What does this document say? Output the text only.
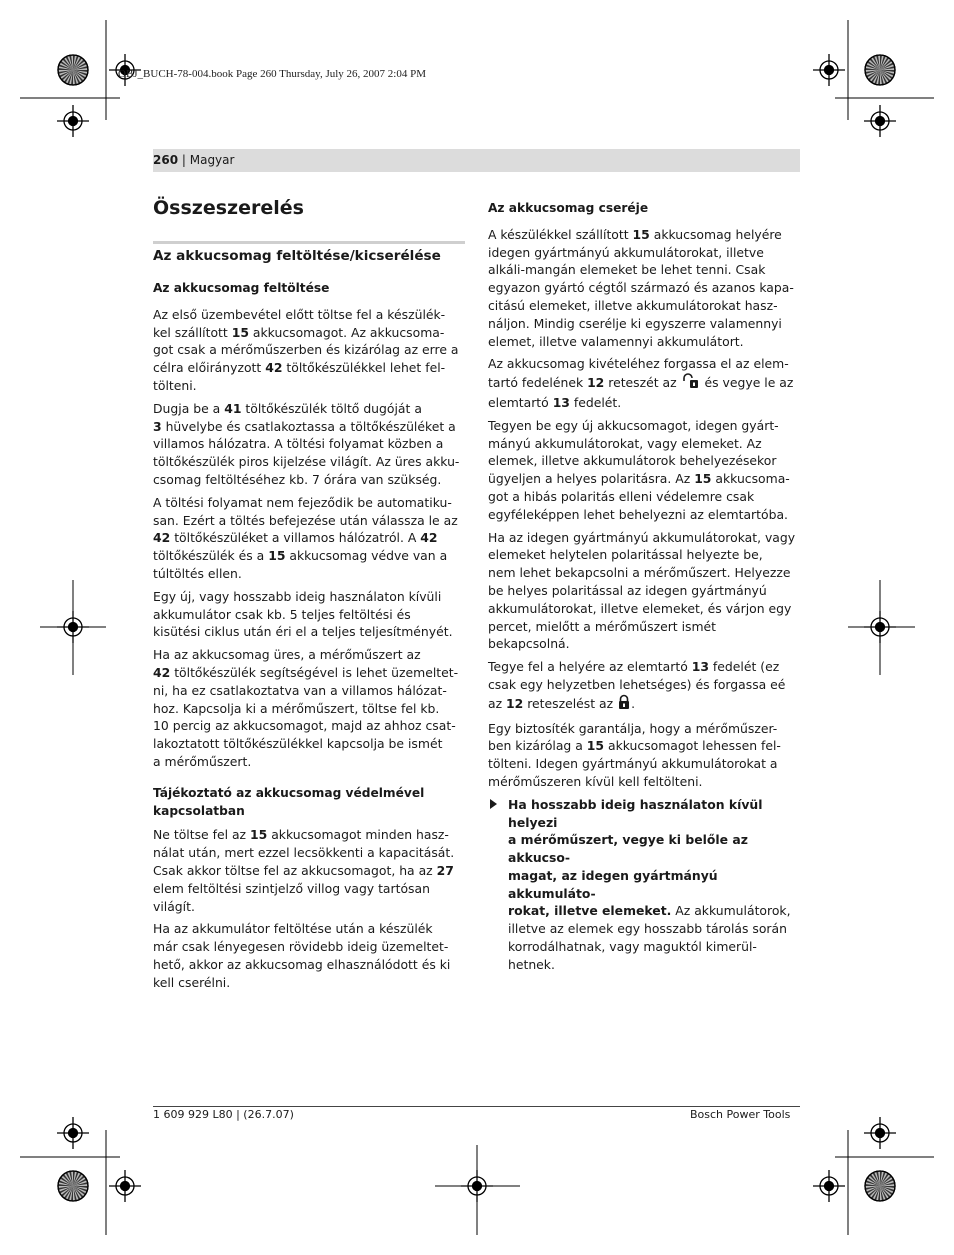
OBJ_BUCH-78-004.book Page 260 Thursday, July 26, 2007 2:04 PM
260 | Magyar
Összeszerelés
Az akkucsomag feltöltése/kicserélése
Az akkucsomag feltöltése

Az első üzembevétel előtt töltse fel a készülék-
kel szállított 15 akkucsomagot. Az akkucsoma-
got csak a mérőműszerben és kizárólag az erre a
célra előirányzott 42 töltőkészülékkel lehet fel-
tölteni.

Dugja be a 41 töltőkészülék töltő dugóját a
3 hüvelybe és csatlakoztassa a töltőkészüléket a
villamos hálózatra. A töltési folyamat közben a
töltőkészülék piros kijelzése világít. Az üres akku-
csomag feltöltéséhez kb. 7 órára van szükség.

A töltési folyamat nem fejeződik be automatiku-
san. Ezért a töltés befejezése után válassza le az
42 töltőkészüléket a villamos hálózatról. A 42
töltőkészülék és a 15 akkucsomag védve van a
túltöltés ellen.

Egy új, vagy hosszabb ideig használaton kívüli
akkumulátor csak kb. 5 teljes feltöltési és
kisütési ciklus után éri el a teljes teljesítményét.

Ha az akkucsomag üres, a mérőműszert az
42 töltőkészülék segítségével is lehet üzemeltet-
ni, ha ez csatlakoztatva van a villamos hálózat-
hoz. Kapcsolja ki a mérőműszert, töltse fel kb.
10 percig az akkucsomagot, majd az ahhoz csat-
lakoztatott töltőkészülékkel kapcsolja be ismét
a mérőműszert.

Tájékoztató az akkucsomag védelmével
kapcsolatban

Ne töltse fel az 15 akkucsomagot minden hasz-
nálat után, mert ezzel lecsökkenti a kapacitását.
Csak akkor töltse fel az akkucsomagot, ha az 27
elem feltöltési szintjelző villog vagy tartósan
világít.

Ha az akkumulátor feltöltése után a készülék
már csak lényegesen rövidebb ideig üzemeltet-
hető, akkor az akkucsomag elhasználódott és ki
kell cserélni.

Az akkucsomag cseréje

A készülékkel szállított 15 akkucsomag helyére
idegen gyártmányú akkumulátorokat, illetve
alkáli-mangán elemeket be lehet tenni. Csak
egyazon gyártó cégtől származó és azanos kapa-
citású elemeket, illetve akkumulátorokat hasz-
náljon. Mindig cserélje ki egyszerre valamennyi
elemet, illetve valamennyi akkumulátort.

Az akkucsomag kivételéhez forgassa el az elem-
tartó fedelének 12 reteszét az  és vegye le az
elemtartó 13 fedelét.

Tegyen be egy új akkucsomagot, idegen gyárt-
mányú akkumulátorokat, vagy elemeket. Az
elemek, illetve akkumulátorok behelyezésekor
ügyeljen a helyes polaritásra. Az 15 akkucsoma-
got a hibás polaritás elleni védelemre csak
egyféleképpen lehet behelyezni az elemtartóba.

Ha az idegen gyártmányú akkumulátorokat, vagy
elemeket helytelen polaritással helyezte be,
nem lehet bekapcsolni a mérőműszert. Helyezze
be helyes polaritással az idegen gyártmányú
akkumulátorokat, illetve elemeket, és várjon egy
percet, mielőtt a mérőműszert ismét
bekapcsolná.

Tegye fel a helyére az elemtartó 13 fedelét (ez
csak egy helyzetben lehetséges) és forgassa eé
az 12 reteszelést az .

Egy biztosíték garantálja, hogy a mérőműszer-
ben kizárólag a 15 akkucsomagot lehessen fel-
tölteni. Idegen gyártmányú akkumulátorokat a
mérőműszeren kívül kell feltölteni.

Ha hosszabb ideig használaton kívül helyezi
a mérőműszert, vegye ki belőle az akkucso-
magat, az idegen gyártmányú akkumuláto-
rokat, illetve elemeket. Az akkumulátorok,
illetve az elemek egy hosszabb tárolás során
korrodálhatnak, vagy maguktól kimerül-
hetnek.

1 609 929 L80 | (26.7.07)	Bosch Power Tools
